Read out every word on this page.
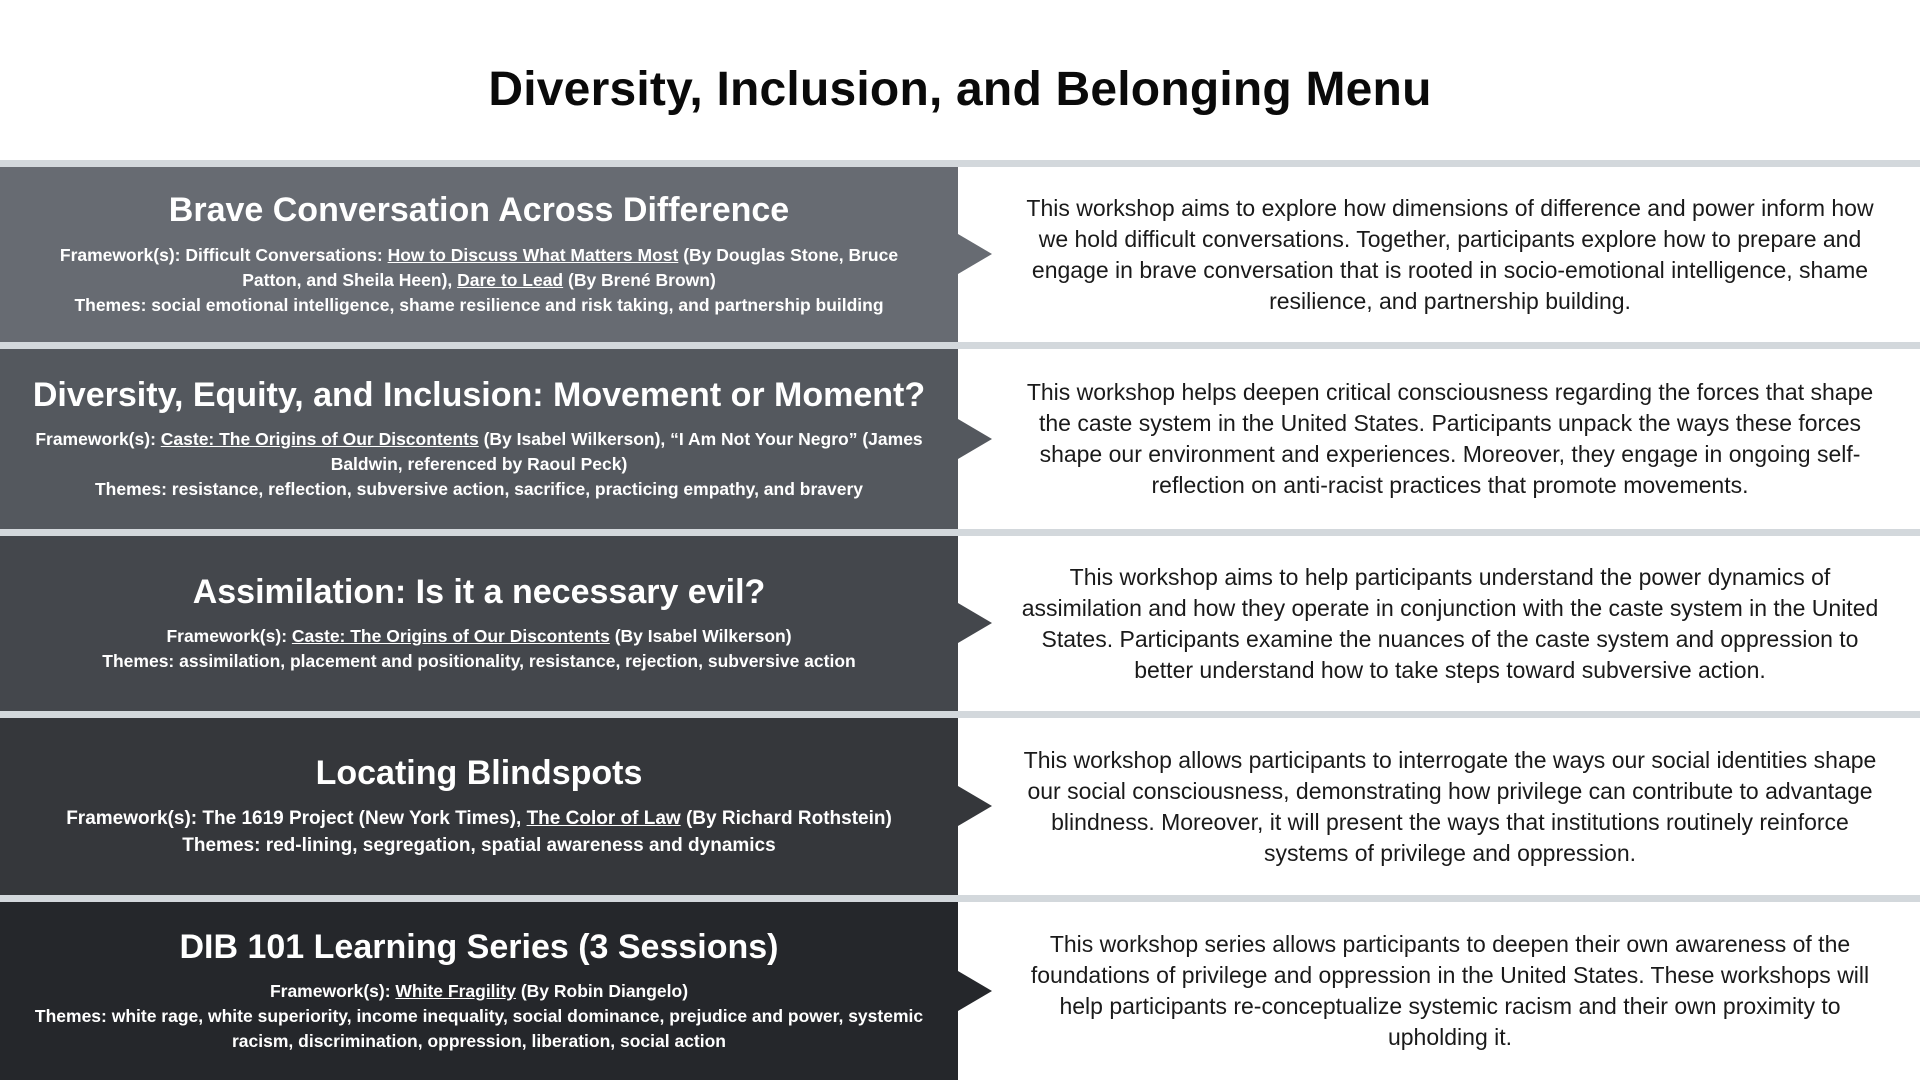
Diversity, Inclusion, and Belonging Menu
Brave Conversation Across Difference
Framework(s): Difficult Conversations: How to Discuss What Matters Most (By Douglas Stone, Bruce Patton, and Sheila Heen), Dare to Lead (By Brené Brown)
Themes: social emotional intelligence, shame resilience and risk taking, and partnership building
This workshop aims to explore how dimensions of difference and power inform how we hold difficult conversations. Together, participants explore how to prepare and engage in brave conversation that is rooted in socio-emotional intelligence, shame resilience, and partnership building.
Diversity, Equity, and Inclusion: Movement or Moment?
Framework(s): Caste: The Origins of Our Discontents (By Isabel Wilkerson), “I Am Not Your Negro” (James Baldwin, referenced by Raoul Peck)
Themes: resistance, reflection, subversive action, sacrifice, practicing empathy, and bravery
This workshop helps deepen critical consciousness regarding the forces that shape the caste system in the United States. Participants unpack the ways these forces shape our environment and experiences. Moreover, they engage in ongoing self-reflection on anti-racist practices that promote movements.
Assimilation: Is it a necessary evil?
Framework(s): Caste: The Origins of Our Discontents (By Isabel Wilkerson)
Themes: assimilation, placement and positionality, resistance, rejection, subversive action
This workshop aims to help participants understand the power dynamics of assimilation and how they operate in conjunction with the caste system in the United States. Participants examine the nuances of the caste system and oppression to better understand how to take steps toward subversive action.
Locating Blindspots
Framework(s): The 1619 Project (New York Times), The Color of Law (By Richard Rothstein)
Themes: red-lining, segregation, spatial awareness and dynamics
This workshop allows participants to interrogate the ways our social identities shape our social consciousness, demonstrating how privilege can contribute to advantage blindness. Moreover, it will present the ways that institutions routinely reinforce systems of privilege and oppression.
DIB 101 Learning Series (3 Sessions)
Framework(s): White Fragility (By Robin Diangelo)
Themes: white rage, white superiority, income inequality, social dominance, prejudice and power, systemic racism, discrimination, oppression, liberation, social action
This workshop series allows participants to deepen their own awareness of the foundations of privilege and oppression in the United States. These workshops will help participants re-conceptualize systemic racism and their own proximity to upholding it.
